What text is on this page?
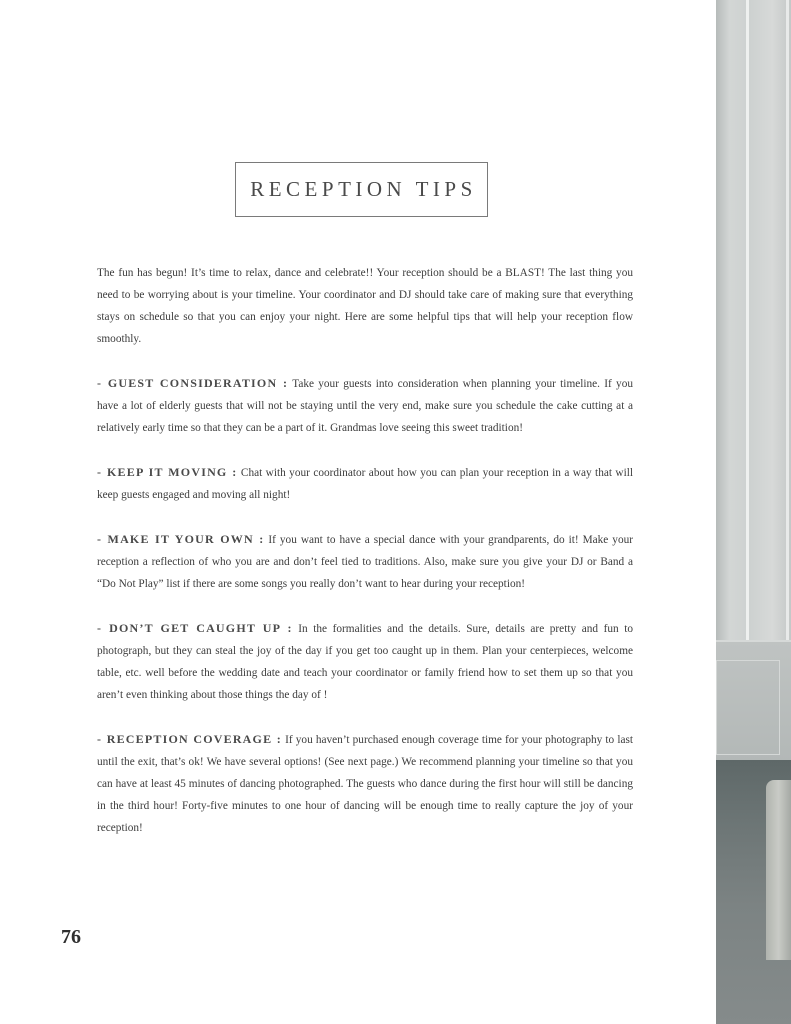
RECEPTION TIPS

The fun has begun! It’s time to relax, dance and celebrate!! Your reception should be a BLAST! The last thing you need to be worrying about is your timeline. Your coordinator and DJ should take care of making sure that everything stays on schedule so that you can enjoy your night. Here are some helpful tips that will help your reception flow smoothly.

- GUEST CONSIDERATION : Take your guests into consideration when planning your timeline. If you have a lot of elderly guests that will not be staying until the very end, make sure you schedule the cake cutting at a relatively early time so that they can be a part of it. Grandmas love seeing this sweet tradition!

- KEEP IT MOVING : Chat with your coordinator about how you can plan your reception in a way that will keep guests engaged and moving all night!

- MAKE IT YOUR OWN : If you want to have a special dance with your grandparents, do it! Make your reception a reflection of who you are and don’t feel tied to traditions. Also, make sure you give your DJ or Band a “Do Not Play” list if there are some songs you really don’t want to hear during your reception!

- DON’T GET CAUGHT UP : In the formalities and the details. Sure, details are pretty and fun to photograph, but they can steal the joy of the day if you get too caught up in them. Plan your centerpieces, welcome table, etc. well before the wedding date and teach your coordinator or family friend how to set them up so that you aren’t even thinking about those things the day of !

- RECEPTION COVERAGE : If you haven’t purchased enough coverage time for your photography to last until the exit, that’s ok! We have several options! (See next page.) We recommend planning your timeline so that you can have at least 45 minutes of dancing photographed. The guests who dance during the first hour will still be dancing in the third hour! Forty-five minutes to one hour of dancing will be enough time to really capture the joy of your reception!

76
